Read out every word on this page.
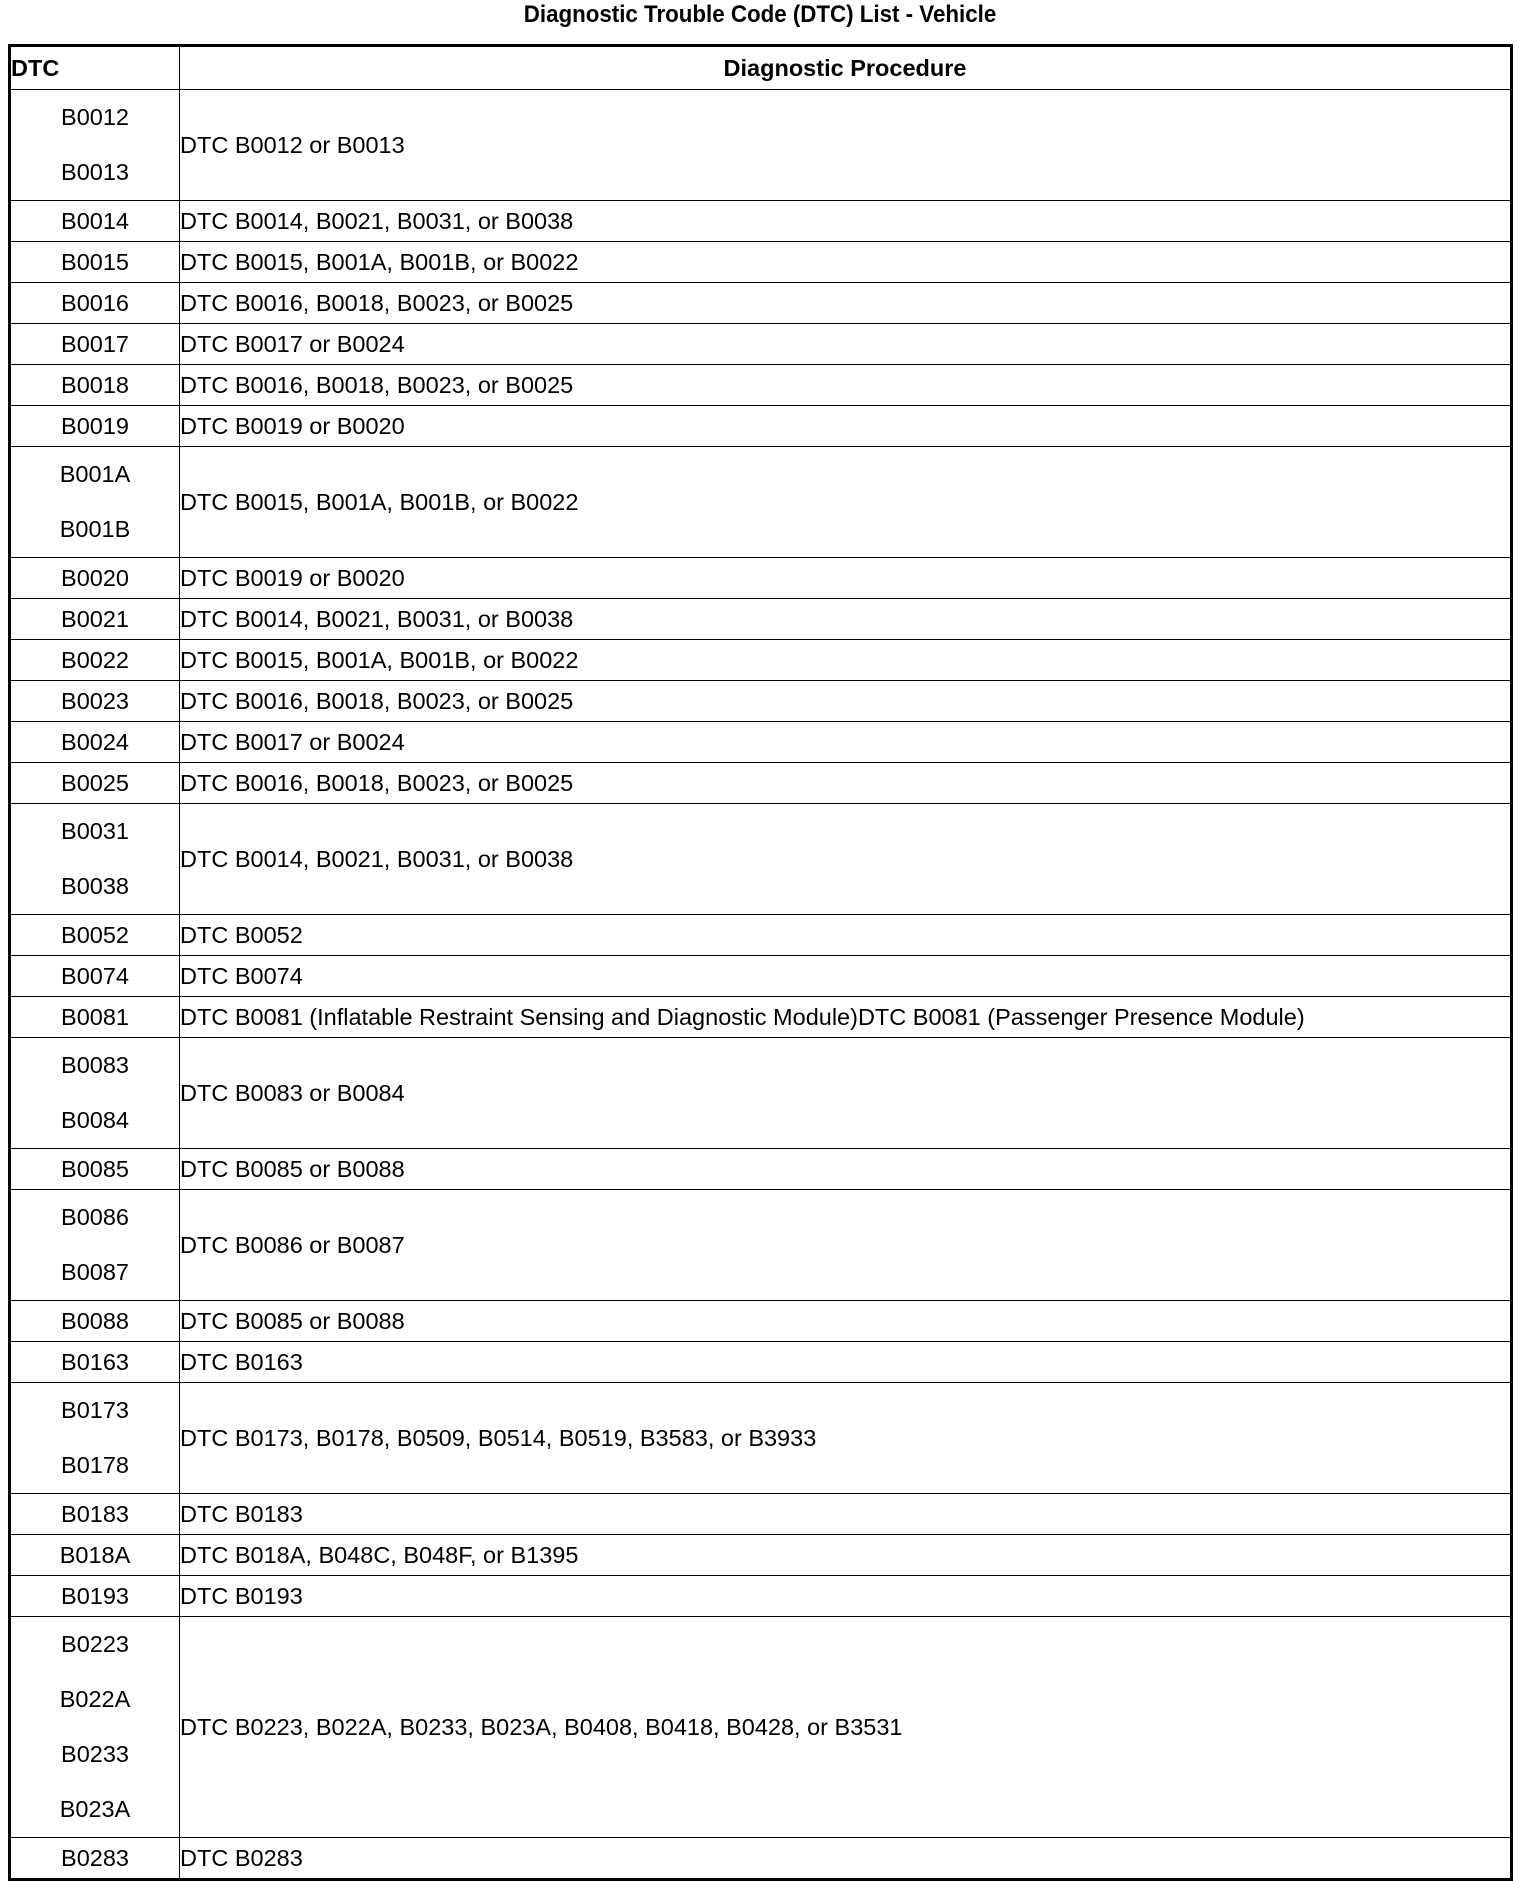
Diagnostic Trouble Code (DTC) List - Vehicle
DTC	Diagnostic Procedure

B0012
B0013	DTC B0012 or B0013

B0014	DTC B0014, B0021, B0031, or B0038

B0015	DTC B0015, B001A, B001B, or B0022

B0016	DTC B0016, B0018, B0023, or B0025

B0017	DTC B0017 or B0024

B0018	DTC B0016, B0018, B0023, or B0025

B0019	DTC B0019 or B0020

B001A
B001B	DTC B0015, B001A, B001B, or B0022

B0020	DTC B0019 or B0020

B0021	DTC B0014, B0021, B0031, or B0038

B0022	DTC B0015, B001A, B001B, or B0022

B0023	DTC B0016, B0018, B0023, or B0025

B0024	DTC B0017 or B0024

B0025	DTC B0016, B0018, B0023, or B0025

B0031
B0038	DTC B0014, B0021, B0031, or B0038

B0052	DTC B0052

B0074	DTC B0074

B0081	DTC B0081 (Inflatable Restraint Sensing and Diagnostic Module)DTC B0081 (Passenger Presence Module)

B0083
B0084	DTC B0083 or B0084

B0085	DTC B0085 or B0088

B0086
B0087	DTC B0086 or B0087

B0088	DTC B0085 or B0088

B0163	DTC B0163

B0173
B0178	DTC B0173, B0178, B0509, B0514, B0519, B3583, or B3933

B0183	DTC B0183

B018A	DTC B018A, B048C, B048F, or B1395

B0193	DTC B0193

B0223
B022A
B0233
B023A	DTC B0223, B022A, B0233, B023A, B0408, B0418, B0428, or B3531

B0283	DTC B0283
